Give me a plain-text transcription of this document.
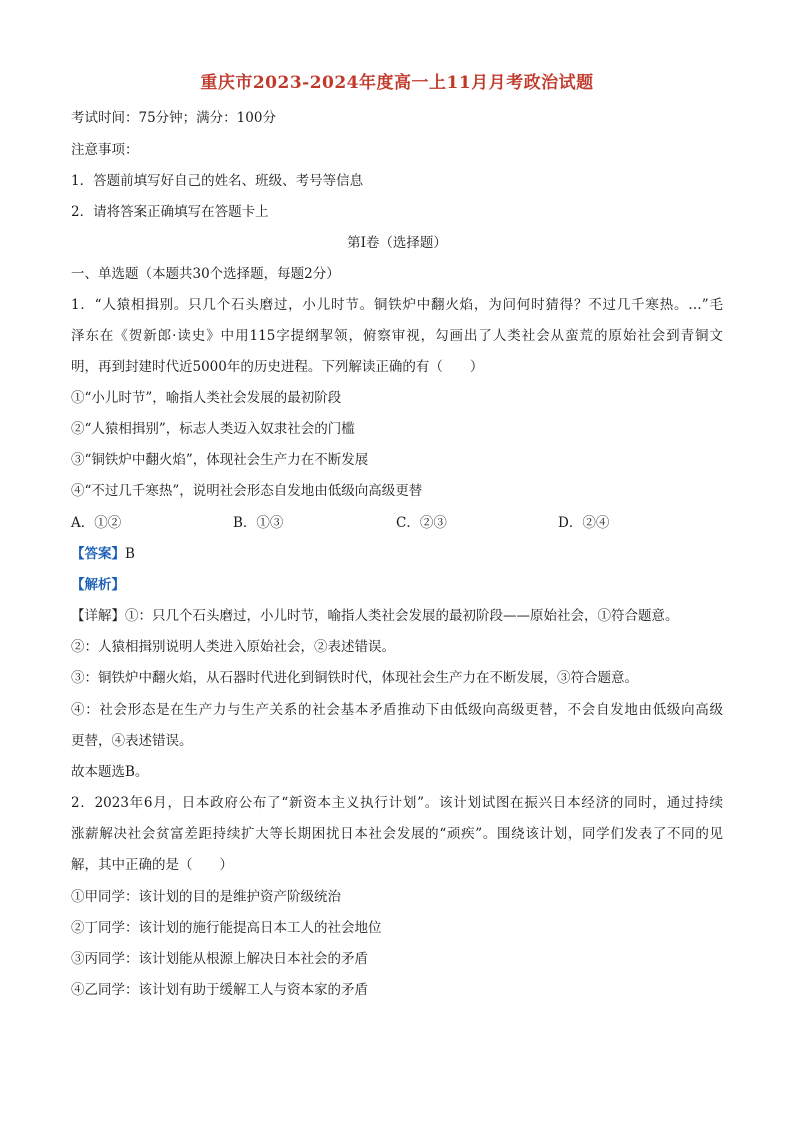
重庆市2023-2024年度高一上11月月考政治试题
考试时间：75分钟；满分：100分
注意事项：
1．答题前填写好自己的姓名、班级、考号等信息
2．请将答案正确填写在答题卡上
第I卷（选择题）
一、单选题（本题共30个选择题，每题2分）
1．“人猿相揖别。只几个石头磨过，小儿时节。铜铁炉中翻火焰，为问何时猜得？不过几千寒热。…”毛
泽东在《贺新郎·读史》中用115字提纲挈领，俯察审视，勾画出了人类社会从蛮荒的原始社会到青铜文
明，再到封建时代近5000年的历史进程。下列解读正确的有（　　）
①“小儿时节”，喻指人类社会发展的最初阶段
②“人猿相揖别”，标志人类迈入奴隶社会的门槛
③“铜铁炉中翻火焰”，体现社会生产力在不断发展
④“不过几千寒热”，说明社会形态自发地由低级向高级更替
A．①②	B．①③	C．②③	D．②④
【答案】B
【解析】
【详解】①：只几个石头磨过，小儿时节，喻指人类社会发展的最初阶段——原始社会，①符合题意。
②：人猿相揖别说明人类进入原始社会，②表述错误。
③：铜铁炉中翻火焰，从石器时代进化到铜铁时代，体现社会生产力在不断发展，③符合题意。
④：社会形态是在生产力与生产关系的社会基本矛盾推动下由低级向高级更替，不会自发地由低级向高级
更替，④表述错误。
故本题选B。
2．2023年6月，日本政府公布了“新资本主义执行计划”。该计划试图在振兴日本经济的同时，通过持续
涨薪解决社会贫富差距持续扩大等长期困扰日本社会发展的“顽疾”。围绕该计划，同学们发表了不同的见
解，其中正确的是（　　）
①甲同学：该计划的目的是维护资产阶级统治
②丁同学：该计划的施行能提高日本工人的社会地位
③丙同学：该计划能从根源上解决日本社会的矛盾
④乙同学：该计划有助于缓解工人与资本家的矛盾
